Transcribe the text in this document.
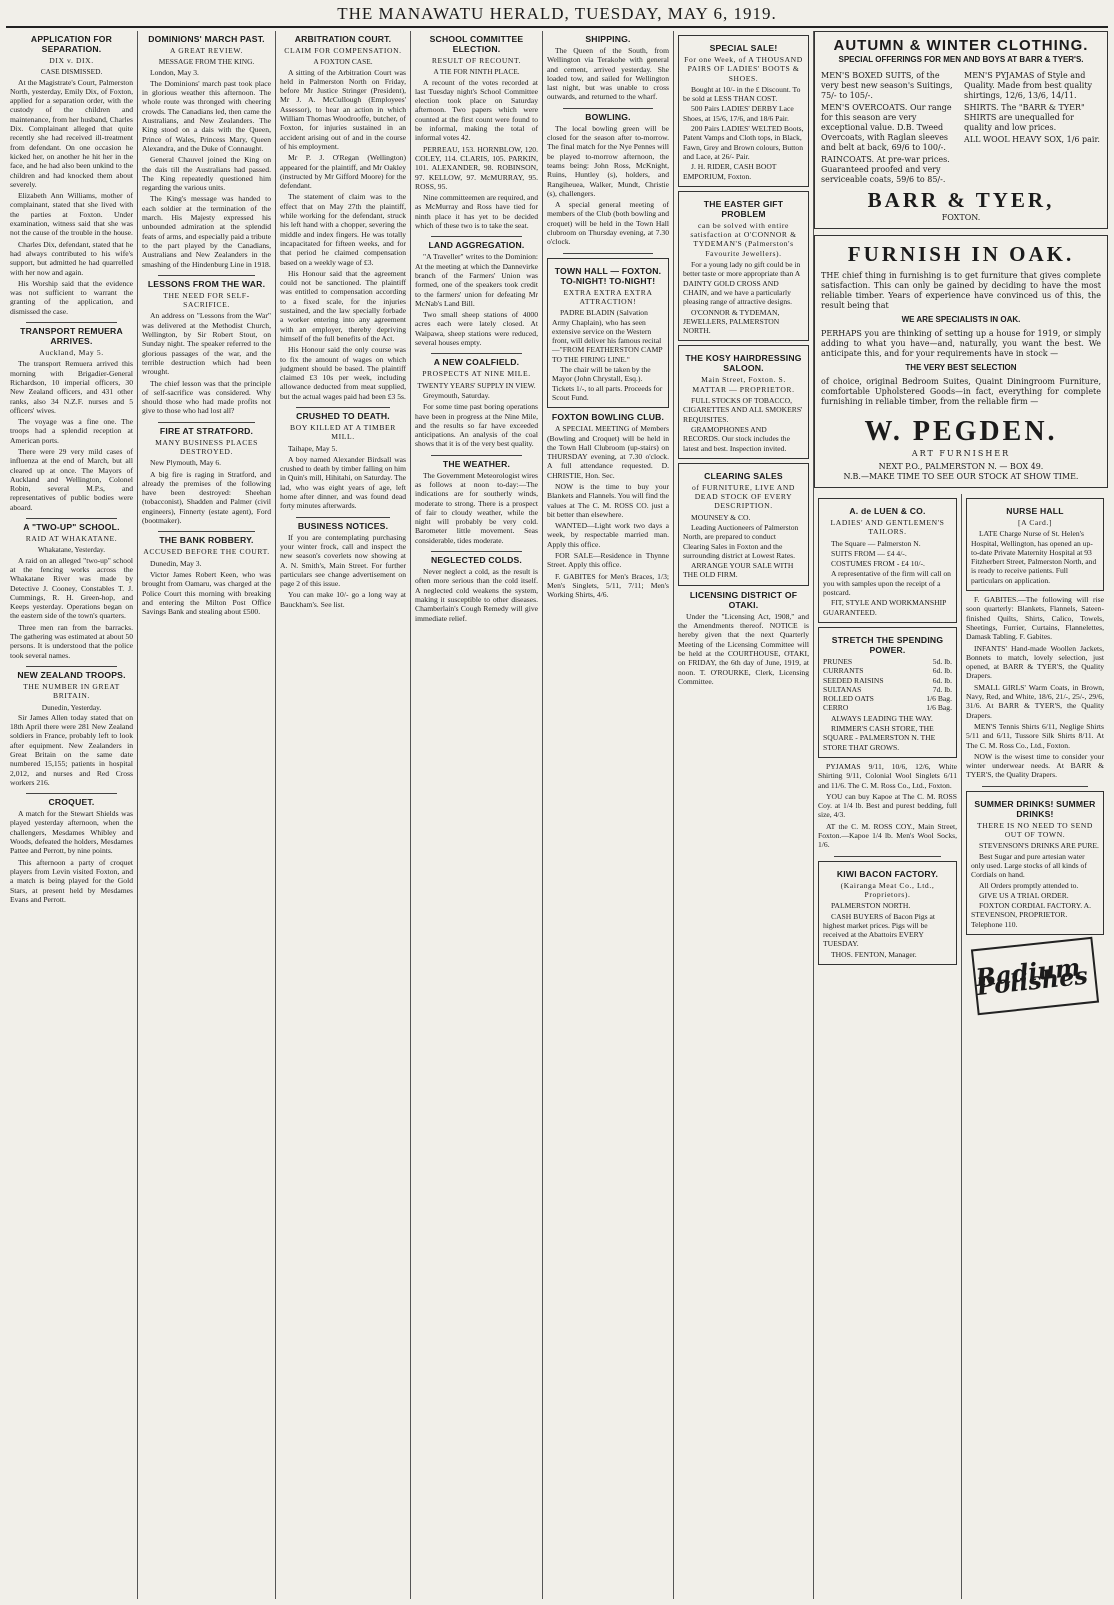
THE MANAWATU HERALD, TUESDAY, MAY 6, 1919.
APPLICATION FOR SEPARATION.
DIX v. DIX.
CASE DISMISSED.

At the Magistrate's Court, Palmerston North, yesterday, Emily Dix, of Foxton, applied for a separation order, with the custody of the children and maintenance, from her husband, Charles Dix. Complainant alleged that quite recently she had received ill-treatment from defendant. On one occasion he kicked her, on another he hit her in the face, and he had also been unkind to the children and had knocked them about severely.

Elizabeth Ann Williams, mother of complainant, stated that she lived with the parties at Foxton. Under examination, witness said that she was not the cause of the trouble in the house.

Charles Dix, defendant, stated that he had always contributed to his wife's support, but admitted he had quarrelled with her now and again.

His Worship said that the evidence was not sufficient to warrant the granting of the application, and dismissed the case.

TRANSPORT REMUERA ARRIVES.
Auckland, May 5.

The transport Remuera arrived this morning with Brigadier-General Richardson, 10 imperial officers, 30 New Zealand officers, and 431 other ranks, also 34 N.Z.F. nurses and 5 officers' wives.

The voyage was a fine one. The troops had a splendid reception at American ports.

There were 29 very mild cases of influenza at the end of March, but all cleared up at once. The Mayors of Auckland and Wellington, Colonel Robin, several M.P.s, and representatives of public bodies were aboard.

A "TWO-UP" SCHOOL.
RAID AT WHAKATANE.
Whakatane, Yesterday.

A raid on an alleged "two-up" school at the fencing works across the Whakatane River was made by Detective J. Cooney, Constables T. J. Cummings, R. H. Green-hop, and Keeps yesterday. Operations began on the eastern side of the town's quarters.

Three men ran from the barracks. The gathering was estimated at about 50 persons. It is understood that the police took several names.

NEW ZEALAND TROOPS.
THE NUMBER IN GREAT BRITAIN.
Dunedin, Yesterday.

Sir James Allen today stated that on 18th April there were 281 New Zealand soldiers in France, probably left to look after equipment. New Zealanders in Great Britain on the same date numbered 15,155; patients in hospital 2,012, and nurses and Red Cross workers 216.

CROQUET.

A match for the Stewart Shields was played yesterday afternoon, when the challengers, Mesdames Whibley and Woods, defeated the holders, Mesdames Pattee and Perrott, by nine points.

This afternoon a party of croquet players from Levin visited Foxton, and a match is being played for the Gold Stars, at present held by Mesdames Evans and Perrott.

DOMINIONS' MARCH PAST.
A GREAT REVIEW.
MESSAGE FROM THE KING.

London, May 3.

The Dominions' march past took place in glorious weather this afternoon. The whole route was thronged with cheering crowds. The Canadians led, then came the Australians, and New Zealanders. The King stood on a dais with the Queen, Prince of Wales, Princess Mary, Queen Alexandra, and the Duke of Connaught.

General Chauvel joined the King on the dais till the Australians had passed. The King repeatedly questioned him regarding the various units.

The King's message was handed to each soldier at the termination of the march. His Majesty expressed his unbounded admiration at the splendid feats of arms, and especially paid a tribute to the part played by the Canadians, Australians and New Zealanders in the smashing of the Hindenburg Line in 1918.

LESSONS FROM THE WAR.
THE NEED FOR SELF-SACRIFICE.

An address on "Lessons from the War" was delivered at the Methodist Church, Wellington, by Sir Robert Stout, on Sunday night. The speaker referred to the glorious passages of the war, and the terrible destruction which had been wrought.

The chief lesson was that the principle of self-sacrifice was considered. Why should those who had made profits not give to those who had lost all?

FIRE AT STRATFORD.
MANY BUSINESS PLACES DESTROYED.

New Plymouth, May 6.

A big fire is raging in Stratford, and already the premises of the following have been destroyed: Sheehan (tobacconist), Shadden and Palmer (civil engineers), Finnerty (estate agent), Ford (bootmaker).

THE BANK ROBBERY.
ACCUSED BEFORE THE COURT.

Dunedin, May 3.

Victor James Robert Keen, who was brought from Oamaru, was charged at the Police Court this morning with breaking and entering the Milton Post Office Savings Bank and stealing about £500.

ARBITRATION COURT.
CLAIM FOR COMPENSATION.
A FOXTON CASE.

A sitting of the Arbitration Court was held in Palmerston North on Friday, before Mr Justice Stringer (President), Mr J. A. McCullough (Employees' Assessor), to hear an action in which William Thomas Woodrooffe, butcher, of Foxton, for injuries sustained in an accident arising out of and in the course of his employment.

Mr P. J. O'Regan (Wellington) appeared for the plaintiff, and Mr Oakley (instructed by Mr Gifford Moore) for the defendant.

The statement of claim was to the effect that on May 27th the plaintiff, while working for the defendant, struck his left hand with a chopper, severing the middle and index fingers. He was totally incapacitated for fifteen weeks, and for that period he claimed compensation based on a weekly wage of £3.

His Honour said that the agreement could not be sanctioned. The plaintiff was entitled to compensation according to a fixed scale, for the injuries sustained, and the law specially forbade a worker entering into any agreement with an employer, thereby depriving himself of the full benefits of the Act.

His Honour said the only course was to fix the amount of wages on which judgment should be based. The plaintiff claimed £3 10s per week, including allowance deducted from meat supplied, but the actual wages paid had been £3 5s.

CRUSHED TO DEATH.
BOY KILLED AT A TIMBER MILL.

Taihape, May 5.

A boy named Alexander Birdsall was crushed to death by timber falling on him in Quin's mill, Hihitahi, on Saturday. The lad, who was eight years of age, left home after dinner, and was found dead forty minutes afterwards.

BUSINESS NOTICES.

If you are contemplating purchasing your winter frock, call and inspect the new season's coverlets now showing at A. N. Smith's, Main Street. For further particulars see change advertisement on page 2 of this issue.

You can make 10/- go a long way at Bauckham's. See list.

SCHOOL COMMITTEE ELECTION.
RESULT OF RECOUNT.
A TIE FOR NINTH PLACE.

A recount of the votes recorded at last Tuesday night's School Committee election took place on Saturday afternoon. Two papers which were counted at the first count were found to be informal, making the total of informal votes 42.

PERREAU, 153. HORNBLOW, 120. COLEY, 114. CLARIS, 105. PARKIN, 101. ALEXANDER, 98. ROBINSON, 97. KELLOW, 97. McMURRAY, 95. ROSS, 95.

Nine committeemen are required, and as McMurray and Ross have tied for ninth place it has yet to be decided which of these two is to take the seat.

LAND AGGREGATION.

"A Traveller" writes to the Dominion: At the meeting at which the Dannevirke branch of the Farmers' Union was formed, one of the speakers took credit to the farmers' union for defeating Mr McNab's Land Bill.

Two small sheep stations of 4000 acres each were lately closed. At Waipawa, sheep stations were reduced, several houses empty.

A NEW COALFIELD.
PROSPECTS AT NINE MILE.
TWENTY YEARS' SUPPLY IN VIEW.

Greymouth, Saturday.

For some time past boring operations have been in progress at the Nine Mile, and the results so far have exceeded anticipations. An analysis of the coal shows that it is of the very best quality.

THE WEATHER.

The Government Meteorologist wires as follows at noon to-day:—The indications are for southerly winds, moderate to strong. There is a prospect of fair to cloudy weather, while the night will probably be very cold. Barometer little movement. Seas considerable, tides moderate.

NEGLECTED COLDS.

Never neglect a cold, as the result is often more serious than the cold itself. A neglected cold weakens the system, making it susceptible to other diseases. Chamberlain's Cough Remedy will give immediate relief.

SHIPPING.

The Queen of the South, from Wellington via Terakohe with general and cement, arrived yesterday. She loaded tow, and sailed for Wellington last night, but was unable to cross outwards, and returned to the wharf.

BOWLING.

The local bowling green will be closed for the season after to-morrow. The final match for the Nye Pennes will be played to-morrow afternoon, the teams being: John Ross, McKnight, Ruins, Huntley (s), holders, and Rangiheuea, Walker, Mundt, Christie (s), challengers.

A special general meeting of members of the Club (both bowling and croquet) will be held in the Town Hall clubroom on Thursday evening, at 7.30 o'clock.

TOWN HALL — FOXTON. TO-NIGHT! TO-NIGHT!
EXTRA EXTRA EXTRA ATTRACTION!

PADRE BLADIN (Salvation Army Chaplain), who has seen extensive service on the Western front, will deliver his famous recital—"FROM FEATHERSTON CAMP TO THE FIRING LINE."

The chair will be taken by the Mayor (John Chrystall, Esq.). Tickets 1/-, to all parts. Proceeds for Scout Fund.

FOXTON BOWLING CLUB.

A SPECIAL MEETING of Members (Bowling and Croquet) will be held in the Town Hall Clubroom (up-stairs) on THURSDAY evening, at 7.30 o'clock. A full attendance requested. D. CHRISTIE, Hon. Sec.

NOW is the time to buy your Blankets and Flannels. You will find the values at The C. M. ROSS CO. just a bit better than elsewhere.

WANTED—Light work two days a week, by respectable married man. Apply this office.

FOR SALE—Residence in Thynne Street. Apply this office.

F. GABITES for Men's Braces, 1/3; Men's Singlets, 5/11, 7/11; Men's Working Shirts, 4/6.

SPECIAL SALE!
For one Week, of A THOUSAND PAIRS OF LADIES' BOOTS & SHOES.

Bought at 10/- in the £ Discount. To be sold at LESS THAN COST.

500 Pairs LADIES' DERBY Lace Shoes, at 15/6, 17/6, and 18/6 Pair.

200 Pairs LADIES' WELTED Boots, Patent Vamps and Cloth tops, in Black, Fawn, Grey and Brown colours, Button and Lace, at 26/- Pair.

J. H. RIDER, CASH BOOT EMPORIUM, Foxton.

THE EASTER GIFT PROBLEM
can be solved with entire satisfaction at O'CONNOR & TYDEMAN'S (Palmerston's Favourite Jewellers).

For a young lady no gift could be in better taste or more appropriate than A DAINTY GOLD CROSS AND CHAIN, and we have a particularly pleasing range of attractive designs.

O'CONNOR & TYDEMAN, JEWELLERS, PALMERSTON NORTH.

THE KOSY HAIRDRESSING SALOON.
Main Street, Foxton. S. MATTAR — PROPRIETOR.

FULL STOCKS OF TOBACCO, CIGARETTES AND ALL SMOKERS' REQUISITES.

GRAMOPHONES AND RECORDS. Our stock includes the latest and best. Inspection invited.

CLEARING SALES
of FURNITURE, LIVE AND DEAD STOCK OF EVERY DESCRIPTION.

MOUNSEY & CO.

Leading Auctioneers of Palmerston North, are prepared to conduct Clearing Sales in Foxton and the surrounding district at Lowest Rates.

ARRANGE YOUR SALE WITH THE OLD FIRM.

LICENSING DISTRICT OF OTAKI.

Under the "Licensing Act, 1908," and the Amendments thereof. NOTICE is hereby given that the next Quarterly Meeting of the Licensing Committee will be held at the COURTHOUSE, OTAKI, on FRIDAY, the 6th day of June, 1919, at noon. T. O'ROURKE, Clerk, Licensing Committee.

AUTUMN & WINTER CLOTHING.
SPECIAL OFFERINGS FOR MEN AND BOYS AT BARR & TYER'S.

MEN'S BOXED SUITS, of the very best new season's Suitings, 75/- to 105/-.

MEN'S OVERCOATS. Our range for this season are very exceptional value. D.B. Tweed Overcoats, with Raglan sleeves and belt at back, 69/6 to 100/-.

RAINCOATS. At pre-war prices. Guaranteed proofed and very serviceable coats, 59/6 to 85/-.

MEN'S PYJAMAS of Style and Quality. Made from best quality shirtings, 12/6, 13/6, 14/11.

SHIRTS. The "BARR & TYER" SHIRTS are unequalled for quality and low prices.

ALL WOOL HEAVY SOX, 1/6 pair.

BARR & TYER,
FOXTON.
FURNISH IN OAK.

THE chief thing in furnishing is to get furniture that gives complete satisfaction. This can only be gained by deciding to have the most reliable timber. Years of experience have convinced us of this, the result being that

WE ARE SPECIALISTS IN OAK.

PERHAPS you are thinking of setting up a house for 1919, or simply adding to what you have—and, naturally, you want the best. We anticipate this, and for your requirements have in stock —

THE VERY BEST SELECTION

of choice, original Bedroom Suites, Quaint Diningroom Furniture, comfortable Upholstered Goods—in fact, everything for complete furnishing in reliable timber, from the reliable firm —

W. PEGDEN.
ART FURNISHER
NEXT P.O., PALMERSTON N. — BOX 49.
N.B.—MAKE TIME TO SEE OUR STOCK AT SHOW TIME.
A. de LUEN & CO.
LADIES' AND GENTLEMEN'S TAILORS.

The Square — Palmerston N.

SUITS FROM — £4 4/-.

COSTUMES FROM - £4 10/-.

A representative of the firm will call on you with samples upon the receipt of a postcard.

FIT, STYLE AND WORKMANSHIP GUARANTEED.

STRETCH THE SPENDING POWER.
PRUNES	5d. lb.
CURRANTS	6d. lb.
SEEDED RAISINS	6d. lb.
SULTANAS	7d. lb.
ROLLED OATS	1/6 Bag.
CERRO	1/6 Bag.

ALWAYS LEADING THE WAY.

RIMMER'S CASH STORE, THE SQUARE - PALMERSTON N. THE STORE THAT GROWS.

PYJAMAS 9/11, 10/6, 12/6, White Shirting 9/11, Colonial Wool Singlets 6/11 and 11/6. The C. M. Ross Co., Ltd., Foxton.

YOU can buy Kapoe at The C. M. ROSS Coy. at 1/4 lb. Best and purest bedding, full size, 4/3.

AT the C. M. ROSS COY., Main Street, Foxton.—Kapoe 1/4 lb. Men's Wool Socks, 1/6.

KIWI BACON FACTORY.
(Kairanga Meat Co., Ltd., Proprietors).

PALMERSTON NORTH.

CASH BUYERS of Bacon Pigs at highest market prices. Pigs will be received at the Abattoirs EVERY TUESDAY.

THOS. FENTON, Manager.

NURSE HALL
[A Card.]

LATE Charge Nurse of St. Helen's Hospital, Wellington, has opened an up-to-date Private Maternity Hospital at 93 Fitzherbert Street, Palmerston North, and is ready to receive patients. Full particulars on application.

F. GABITES.—The following will rise soon quarterly: Blankets, Flannels, Sateen-finished Quilts, Shirts, Calico, Towels, Sheetings, Furrier, Curtains, Flannelettes, Damask Tabling. F. Gabites.

INFANTS' Hand-made Woollen Jackets, Bonnets to match, lovely selection, just opened, at BARR & TYER'S, the Quality Drapers.

SMALL GIRLS' Warm Coats, in Brown, Navy, Red, and White, 18/6, 21/-, 25/-, 29/6, 31/6. At BARR & TYER'S, the Quality Drapers.

MEN'S Tennis Shirts 6/11, Neglige Shirts 5/11 and 6/11, Tussore Silk Shirts 8/11. At The C. M. Ross Co., Ltd., Foxton.

NOW is the wisest time to consider your winter underwear needs. At BARR & TYER'S, the Quality Drapers.

SUMMER DRINKS! SUMMER DRINKS!
THERE IS NO NEED TO SEND OUT OF TOWN.

STEVENSON'S DRINKS ARE PURE.

Best Sugar and pure artesian water only used. Large stocks of all kinds of Cordials on hand.

All Orders promptly attended to.

GIVE US A TRIAL ORDER.

FOXTON CORDIAL FACTORY. A. STEVENSON, PROPRIETOR. Telephone 110.

Radium Polishes
